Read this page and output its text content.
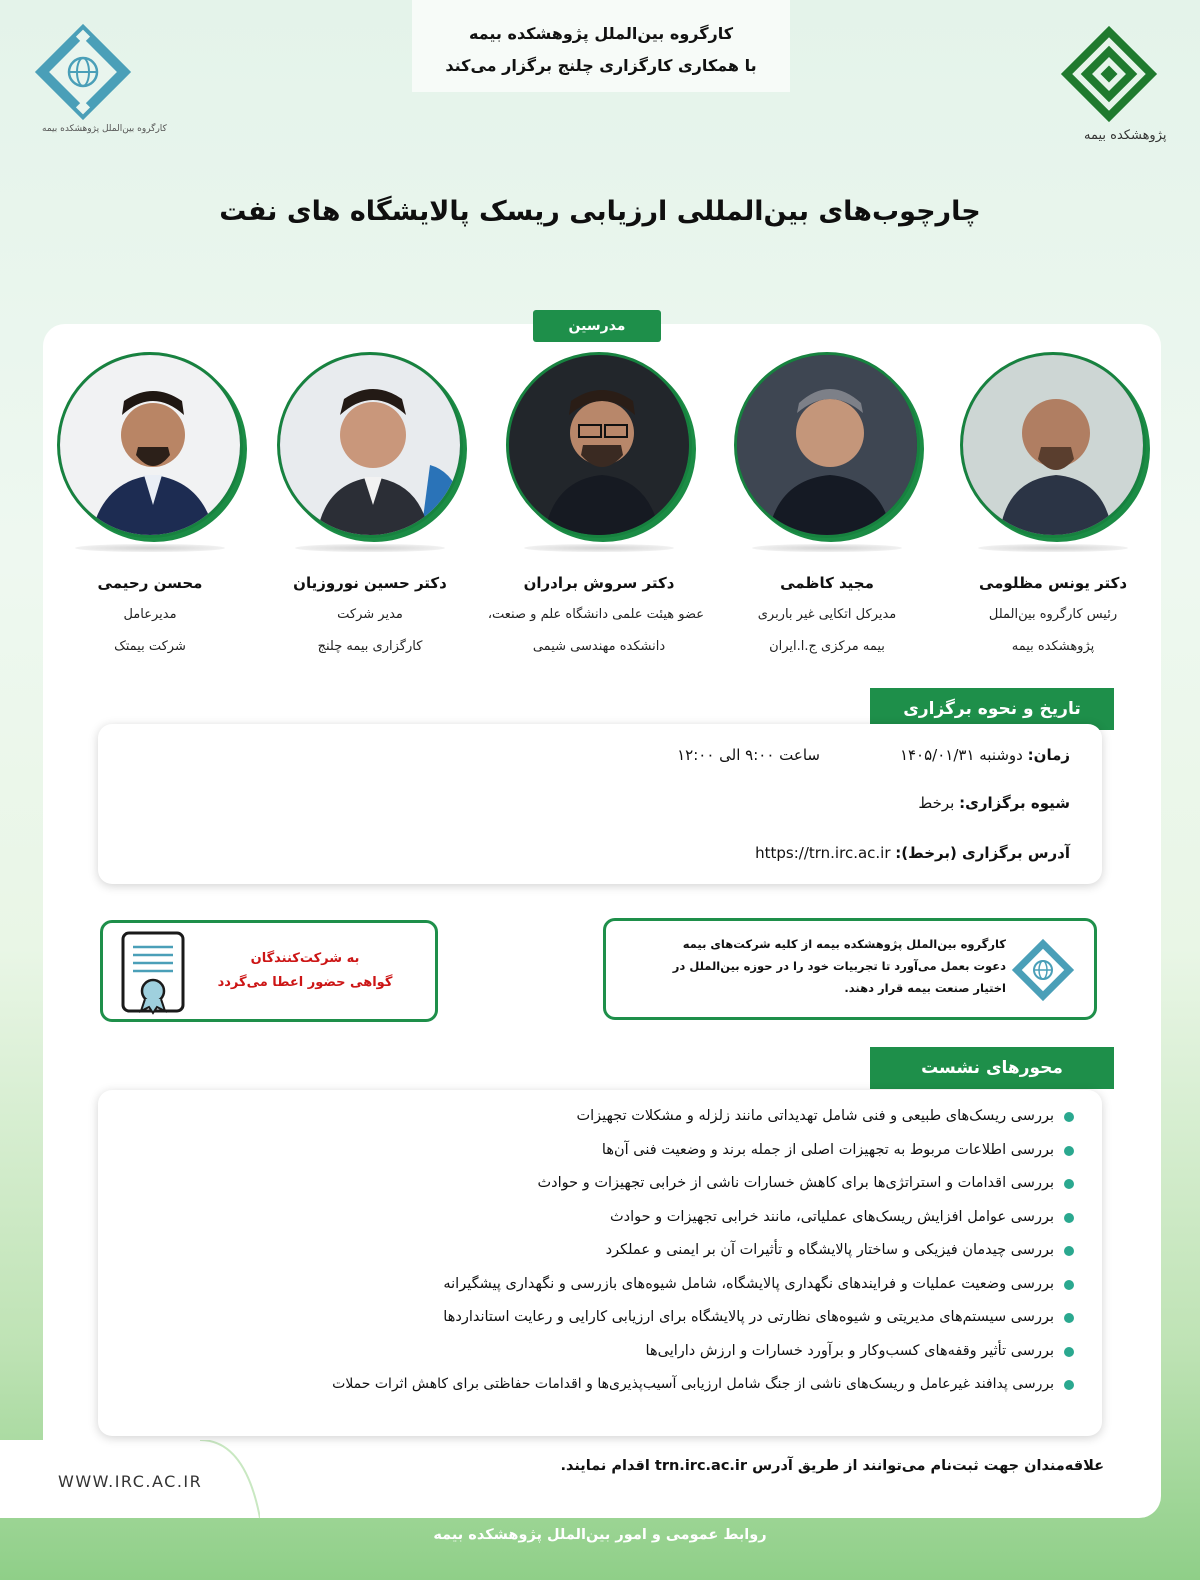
کارگروه بین‌الملل پژوهشکده بیمه
با همکاری کارگزاری چلنج برگزار می‌کند
کارگروه بین‌الملل پژوهشکده بیمه	پژوهشکده بیمه
چارچوب‌های بین‌المللی ارزیابی ریسک پالایشگاه های نفت
مدرسین
دکتر یونس مظلومی
رئیس کارگروه بین‌الملل
پژوهشکده بیمه
مجید کاظمی
مدیرکل اتکایی غیر باربری
بیمه مرکزی ج.ا.ایران
دکتر سروش برادران
عضو هیئت علمی دانشگاه علم و صنعت،
دانشکده مهندسی شیمی
دکتر حسین نوروزیان
مدیر شرکت
کارگزاری بیمه چلنج
محسن رحیمی
مدیرعامل
شرکت بیمتک
تاریخ و نحوه برگزاری
زمان: دوشنبه ۱۴۰۵/۰۱/۳۱
ساعت ۹:۰۰ الی ۱۲:۰۰
شیوه برگزاری: برخط
آدرس برگزاری (برخط): https://trn.irc.ac.ir
به شرکت‌کنندگان
گواهی حضور اعطا می‌گردد
کارگروه بین‌الملل پژوهشکده بیمه از کلیه شرکت‌های بیمه
دعوت بعمل می‌آورد تا تجربیات خود را در حوزه بین‌الملل در
اختیار صنعت بیمه قرار دهند.
محورهای نشست
بررسی ریسک‌های طبیعی و فنی شامل تهدیداتی مانند زلزله و مشکلات تجهیزات
بررسی اطلاعات مربوط به تجهیزات اصلی از جمله برند و وضعیت فنی آن‌ها
بررسی اقدامات و استراتژی‌ها برای کاهش خسارات ناشی از خرابی تجهیزات و حوادث
بررسی عوامل افزایش ریسک‌های عملیاتی، مانند خرابی تجهیزات و حوادث
بررسی چیدمان فیزیکی و ساختار پالایشگاه و تأثیرات آن بر ایمنی و عملکرد
بررسی وضعیت عملیات و فرایندهای نگهداری پالایشگاه، شامل شیوه‌های بازرسی و نگهداری پیشگیرانه
بررسی سیستم‌های مدیریتی و شیوه‌های نظارتی در پالایشگاه برای ارزیابی کارایی و رعایت استانداردها
بررسی تأثیر وقفه‌های کسب‌وکار و برآورد خسارات و ارزش دارایی‌ها
بررسی پدافند غیرعامل و ریسک‌های ناشی از جنگ شامل ارزیابی آسیب‌پذیری‌ها و اقدامات حفاظتی برای کاهش اثرات حملات
علاقه‌مندان جهت ثبت‌نام می‌توانند از طریق آدرس trn.irc.ac.ir اقدام نمایند.
WWW.IRC.AC.IR
روابط عمومی و امور بین‌الملل پژوهشکده بیمه
